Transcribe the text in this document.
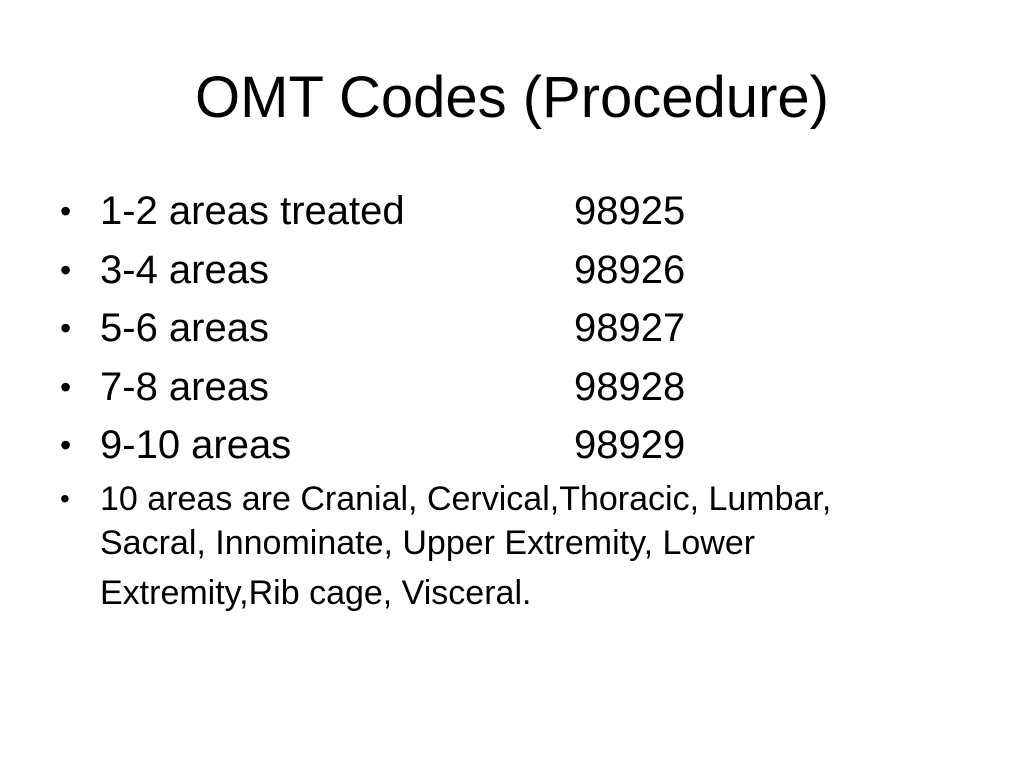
OMT Codes (Procedure)
• 1-2 areas treated	98925
• 3-4 areas	98926
• 5-6 areas	98927
• 7-8 areas	98928
• 9-10 areas	98929
• 10 areas are Cranial, Cervical,Thoracic, Lumbar,
Sacral, Innominate, Upper Extremity, Lower
Extremity,Rib cage, Visceral.
